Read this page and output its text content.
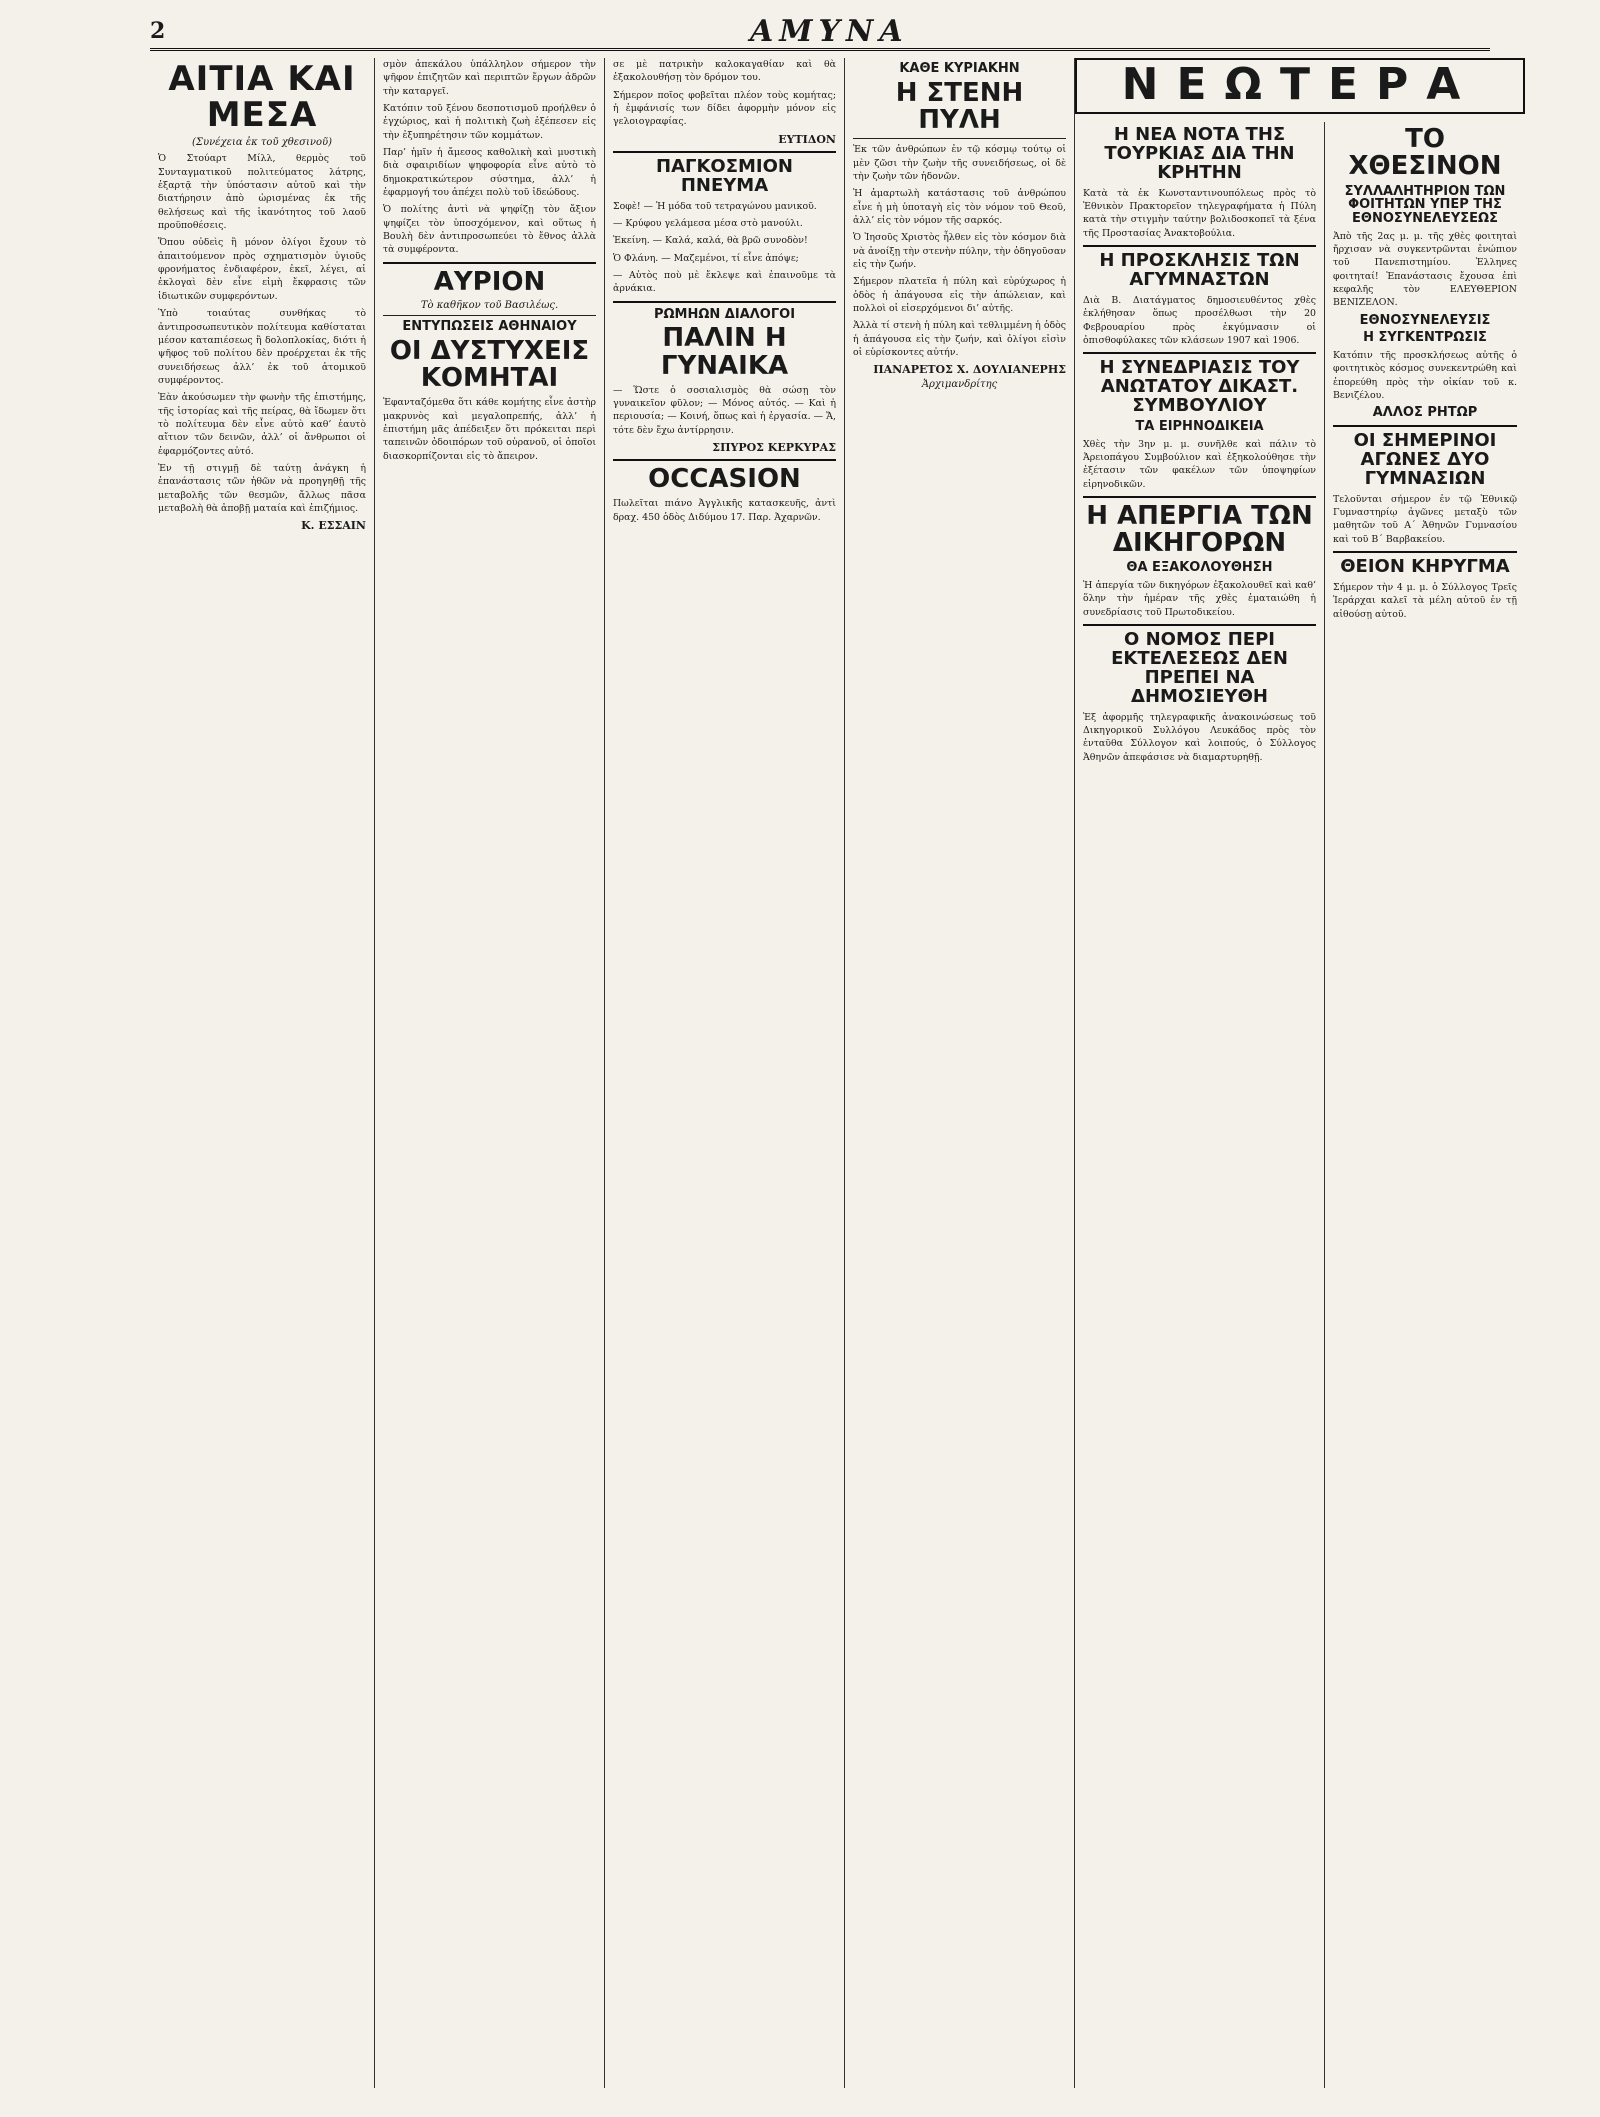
2	ΑΜΥΝΑ
ΑΙΤΙΑ ΚΑΙ ΜΕΣΑ
(Συνέχεια ἐκ τοῦ χθεσινοῦ)

Ὁ Στούαρτ Μίλλ, θερμὸς τοῦ Συνταγματικοῦ πολιτεύματος λάτρης, ἐξαρτᾷ τὴν ὑπόστασιν αὐτοῦ καὶ τὴν διατήρησιν ἀπὸ ὡρισμένας ἐκ τῆς θελήσεως καὶ τῆς ἱκανότητος τοῦ λαοῦ προϋποθέσεις.

Ὅπου οὐδεὶς ἢ μόνον ὀλίγοι ἔχουν τὸ ἀπαιτούμενον πρὸς σχηματισμὸν ὑγιοῦς φρονήματος ἐνδιαφέρον, ἐκεῖ, λέγει, αἱ ἐκλογαὶ δὲν εἶνε εἰμὴ ἔκφρασις τῶν ἰδιωτικῶν συμφερόντων.

Ὑπὸ τοιαύτας συνθήκας τὸ ἀντιπροσωπευτικὸν πολίτευμα καθίσταται μέσον καταπιέσεως ἢ δολοπλοκίας, διότι ἡ ψῆφος τοῦ πολίτου δὲν προέρχεται ἐκ τῆς συνειδήσεως ἀλλ’ ἐκ τοῦ ἀτομικοῦ συμφέροντος.

Ἐὰν ἀκούσωμεν τὴν φωνὴν τῆς ἐπιστήμης, τῆς ἱστορίας καὶ τῆς πείρας, θὰ ἴδωμεν ὅτι τὸ πολίτευμα δὲν εἶνε αὐτὸ καθ’ ἑαυτὸ αἴτιον τῶν δεινῶν, ἀλλ’ οἱ ἄνθρωποι οἱ ἐφαρμόζοντες αὐτό.

Ἐν τῇ στιγμῇ δὲ ταύτῃ ἀνάγκη ἡ ἐπανάστασις τῶν ἠθῶν νὰ προηγηθῇ τῆς μεταβολῆς τῶν θεσμῶν, ἄλλως πᾶσα μεταβολὴ θὰ ἀποβῇ ματαία καὶ ἐπιζήμιος.

Κ. ΕΣΣΑΙΝ

σμὸν ἀπεκάλου ὑπάλληλον σήμερον τὴν ψῆφον ἐπιζητῶν καὶ περιπτῶν ἔργων ἀδρῶν τὴν καταργεῖ.

Κατόπιν τοῦ ξένου δεσποτισμοῦ προήλθεν ὁ ἐγχώριος, καὶ ἡ πολιτικὴ ζωὴ ἐξέπεσεν εἰς τὴν ἐξυπηρέτησιν τῶν κομμάτων.

Παρ’ ἡμῖν ἡ ἄμεσος καθολικὴ καὶ μυστικὴ διὰ σφαιριδίων ψηφοφορία εἶνε αὐτὸ τὸ δημοκρατικώτερον σύστημα, ἀλλ’ ἡ ἐφαρμογή του ἀπέχει πολὺ τοῦ ἰδεώδους.

Ὁ πολίτης ἀντὶ νὰ ψηφίζῃ τὸν ἄξιον ψηφίζει τὸν ὑποσχόμενον, καὶ οὕτως ἡ Βουλὴ δὲν ἀντιπροσωπεύει τὸ ἔθνος ἀλλὰ τὰ συμφέροντα.

ΑΥΡΙΟΝ
Τὸ καθῆκον τοῦ Βασιλέως.
ΕΝΤΥΠΩΣΕΙΣ ΑΘΗΝΑΙΟΥ
ΟΙ ΔΥΣΤΥΧΕΙΣ ΚΟΜΗΤΑΙ

Ἐφανταζόμεθα ὅτι κάθε κομήτης εἶνε ἀστὴρ μακρυνὸς καὶ μεγαλοπρεπής, ἀλλ’ ἡ ἐπιστήμη μᾶς ἀπέδειξεν ὅτι πρόκειται περὶ ταπεινῶν ὁδοιπόρων τοῦ οὐρανοῦ, οἱ ὁποῖοι διασκορπίζονται εἰς τὸ ἄπειρον.

σε μὲ πατρικὴν καλοκαγαθίαν καὶ θὰ ἐξακολουθήσῃ τὸν δρόμον του.

Σήμερον ποῖος φοβεῖται πλέον τοὺς κομήτας; ἡ ἐμφάνισίς των δίδει ἀφορμὴν μόνον εἰς γελοιογραφίας.

ΕΥΤΙΔΟΝ
ΠΑΓΚΟΣΜΙΟΝ ΠΝΕΥΜΑ

Σοφὲ! — Ἡ μόδα τοῦ τετραγώνου μανικοῦ.

— Κρύφου γελάμεσα μέσα στὸ μανούλι.

Ἐκείνη. — Καλά, καλά, θὰ βρῶ συνοδὸν!

Ὁ Φλάνη. — Μαζεμένοι, τί εἶνε ἀπόψε;

— Αὐτὸς ποὺ μὲ ἔκλεψε καὶ ἐπαινοῦμε τὰ ἀρνάκια.

ΡΩΜΗΩΝ ΔΙΑΛΟΓΟΙ
ΠΑΛΙΝ Η ΓΥΝΑΙΚΑ

— Ὥστε ὁ σοσιαλισμὸς θὰ σώσῃ τὸν γυναικεῖον φῦλον; — Μόνος αὐτός. — Καὶ ἡ περιουσία; — Κοινή, ὅπως καὶ ἡ ἐργασία. — Ἄ, τότε δὲν ἔχω ἀντίρρησιν.

ΣΠΥΡΟΣ ΚΕΡΚΥΡΑΣ
OCCASION

Πωλεῖται πιάνο Ἀγγλικῆς κατασκευῆς, ἀντὶ δραχ. 450 ὁδὸς Διδύμου 17. Παρ. Ἀχαρνῶν.

ΚΑΘΕ ΚΥΡΙΑΚΗΝ
Η ΣΤΕΝΗ ΠΥΛΗ

Ἐκ τῶν ἀνθρώπων ἐν τῷ κόσμῳ τούτῳ οἱ μὲν ζῶσι τὴν ζωὴν τῆς συνειδήσεως, οἱ δὲ τὴν ζωὴν τῶν ἡδονῶν.

Ἡ ἁμαρτωλὴ κατάστασις τοῦ ἀνθρώπου εἶνε ἡ μὴ ὑποταγὴ εἰς τὸν νόμον τοῦ Θεοῦ, ἀλλ’ εἰς τὸν νόμον τῆς σαρκός.

Ὁ Ἰησοῦς Χριστὸς ἦλθεν εἰς τὸν κόσμον διὰ νὰ ἀνοίξῃ τὴν στενὴν πύλην, τὴν ὁδηγοῦσαν εἰς τὴν ζωήν.

Σήμερον πλατεῖα ἡ πύλη καὶ εὐρύχωρος ἡ ὁδὸς ἡ ἀπάγουσα εἰς τὴν ἀπώλειαν, καὶ πολλοὶ οἱ εἰσερχόμενοι δι’ αὐτῆς.

Ἀλλὰ τί στενὴ ἡ πύλη καὶ τεθλιμμένη ἡ ὁδὸς ἡ ἀπάγουσα εἰς τὴν ζωήν, καὶ ὀλίγοι εἰσὶν οἱ εὑρίσκοντες αὐτήν.

ΠΑΝΑΡΕΤΟΣ Χ. ΔΟΥΛΙΑΝΕΡΗΣ
Ἀρχιμανδρίτης
ΝΕΩΤΕΡΑ
Η ΝΕΑ ΝΟΤΑ ΤΗΣ ΤΟΥΡΚΙΑΣ ΔΙΑ ΤΗΝ ΚΡΗΤΗΝ

Κατὰ τὰ ἐκ Κωνσταντινουπόλεως πρὸς τὸ Ἐθνικὸν Πρακτορεῖον τηλεγραφήματα ἡ Πύλη κατὰ τὴν στιγμὴν ταύτην βολιδοσκοπεῖ τὰ ξένα τῆς Προστασίας Ἀνακτοβούλια.

Η ΠΡΟΣΚΛΗΣΙΣ ΤΩΝ ΑΓΥΜΝΑΣΤΩΝ

Διὰ Β. Διατάγματος δημοσιευθέντος χθὲς ἐκλήθησαν ὅπως προσέλθωσι τὴν 20 Φεβρουαρίου πρὸς ἐκγύμνασιν οἱ ὀπισθοφύλακες τῶν κλάσεων 1907 καὶ 1906.

Η ΣΥΝΕΔΡΙΑΣΙΣ ΤΟΥ ΑΝΩΤΑΤΟΥ ΔΙΚΑΣΤ. ΣΥΜΒΟΥΛΙΟΥ
ΤΑ ΕΙΡΗΝΟΔΙΚΕΙΑ

Χθὲς τὴν 3ην μ. μ. συνῆλθε καὶ πάλιν τὸ Ἀρειοπάγου Συμβούλιον καὶ ἐξηκολούθησε τὴν ἐξέτασιν τῶν φακέλων τῶν ὑποψηφίων εἰρηνοδικῶν.

Η ΑΠΕΡΓΙΑ ΤΩΝ ΔΙΚΗΓΟΡΩΝ
ΘΑ ΕΞΑΚΟΛΟΥΘΗΣΗ

Ἡ ἀπεργία τῶν δικηγόρων ἐξακολουθεῖ καὶ καθ’ ὅλην τὴν ἡμέραν τῆς χθὲς ἐματαιώθη ἡ συνεδρίασις τοῦ Πρωτοδικείου.

Ο ΝΟΜΟΣ ΠΕΡΙ ΕΚΤΕΛΕΣΕΩΣ ΔΕΝ ΠΡΕΠΕΙ ΝΑ ΔΗΜΟΣΙΕΥΘΗ

Ἐξ ἀφορμῆς τηλεγραφικῆς ἀνακοινώσεως τοῦ Δικηγορικοῦ Συλλόγου Λευκάδος πρὸς τὸν ἐνταῦθα Σύλλογον καὶ λοιπούς, ὁ Σύλλογος Ἀθηνῶν ἀπεφάσισε νὰ διαμαρτυρηθῇ.

ΤΟ ΧΘΕΣΙΝΟΝ
ΣΥΛΛΑΛΗΤΗΡΙΟΝ ΤΩΝ ΦΟΙΤΗΤΩΝ ΥΠΕΡ ΤΗΣ ΕΘΝΟΣΥΝΕΛΕΥΣΕΩΣ

Ἀπὸ τῆς 2ας μ. μ. τῆς χθὲς φοιτηταὶ ἤρχισαν νὰ συγκεντρῶνται ἐνώπιον τοῦ Πανεπιστημίου. Ἑλληνες φοιτηταί! Ἐπανάστασις ἔχουσα ἐπὶ κεφαλῆς τὸν ΕΛΕΥΘΕΡΙΟΝ ΒΕΝΙΖΕΛΟΝ.

ΕΘΝΟΣΥΝΕΛΕΥΣΙΣ
Η ΣΥΓΚΕΝΤΡΩΣΙΣ

Κατόπιν τῆς προσκλήσεως αὐτῆς ὁ φοιτητικὸς κόσμος συνεκεντρώθη καὶ ἐπορεύθη πρὸς τὴν οἰκίαν τοῦ κ. Βενιζέλου.

ΑΛΛΟΣ ΡΗΤΩΡ
ΟΙ ΣΗΜΕΡΙΝΟΙ ΑΓΩΝΕΣ ΔΥΟ ΓΥΜΝΑΣΙΩΝ

Τελοῦνται σήμερον ἐν τῷ Ἐθνικῷ Γυμναστηρίῳ ἀγῶνες μεταξὺ τῶν μαθητῶν τοῦ Α΄ Ἀθηνῶν Γυμνασίου καὶ τοῦ Β΄ Βαρβακείου.

ΘΕΙΟΝ ΚΗΡΥΓΜΑ

Σήμερον τὴν 4 μ. μ. ὁ Σύλλογος Τρεῖς Ἱεράρχαι καλεῖ τὰ μέλη αὐτοῦ ἐν τῇ αἰθούσῃ αὐτοῦ.
